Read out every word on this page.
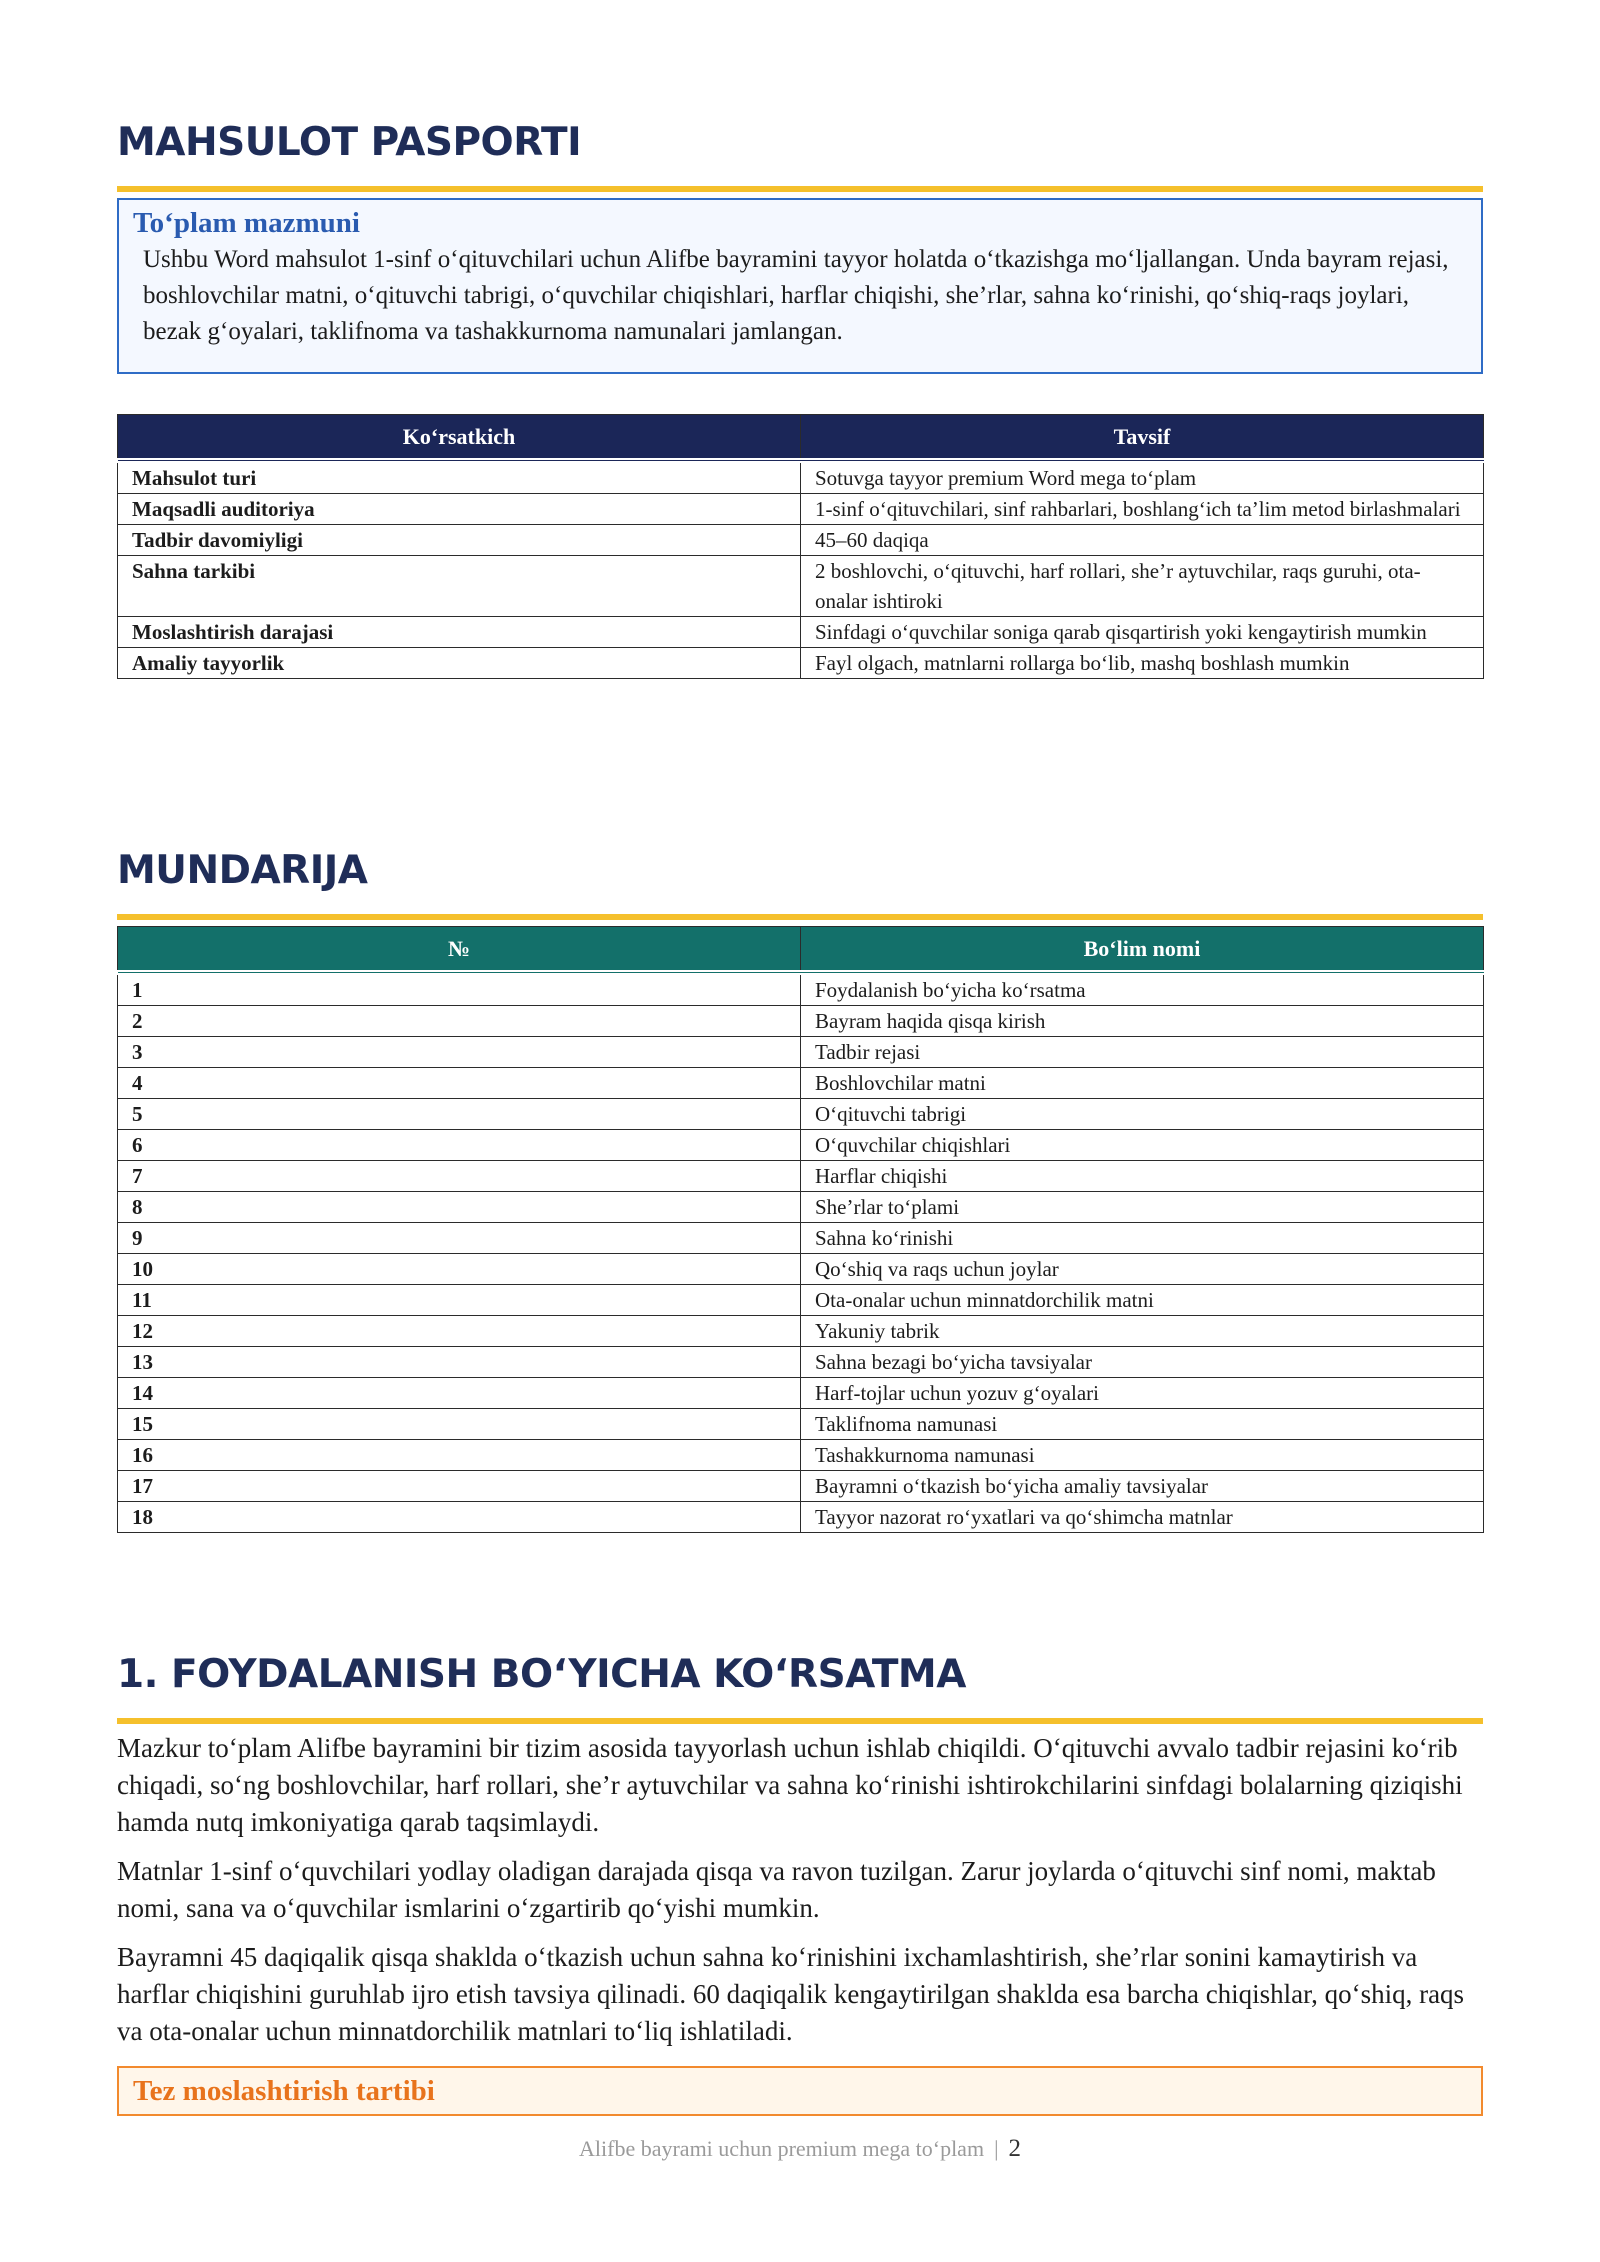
MAHSULOT PASPORTI
To‘plam mazmuni
Ushbu Word mahsulot 1-sinf o‘qituvchilari uchun Alifbe bayramini tayyor holatda o‘tkazishga mo‘ljallangan. Unda bayram rejasi, boshlovchilar matni, o‘qituvchi tabrigi, o‘quvchilar chiqishlari, harflar chiqishi, she’rlar, sahna ko‘rinishi, qo‘shiq-raqs joylari, bezak g‘oyalari, taklifnoma va tashakkurnoma namunalari jamlangan.
Ko‘rsatkich	Tavsif
Mahsulot turi	Sotuvga tayyor premium Word mega to‘plam
Maqsadli auditoriya	1-sinf o‘qituvchilari, sinf rahbarlari, boshlang‘ich ta’lim metod birlashmalari
Tadbir davomiyligi	45–60 daqiqa
Sahna tarkibi	2 boshlovchi, o‘qituvchi, harf rollari, she’r aytuvchilar, raqs guruhi, ota-onalar ishtiroki
Moslashtirish darajasi	Sinfdagi o‘quvchilar soniga qarab qisqartirish yoki kengaytirish mumkin
Amaliy tayyorlik	Fayl olgach, matnlarni rollarga bo‘lib, mashq boshlash mumkin
MUNDARIJA
№	Bo‘lim nomi
1	Foydalanish bo‘yicha ko‘rsatma
2	Bayram haqida qisqa kirish
3	Tadbir rejasi
4	Boshlovchilar matni
5	O‘qituvchi tabrigi
6	O‘quvchilar chiqishlari
7	Harflar chiqishi
8	She’rlar to‘plami
9	Sahna ko‘rinishi
10	Qo‘shiq va raqs uchun joylar
11	Ota-onalar uchun minnatdorchilik matni
12	Yakuniy tabrik
13	Sahna bezagi bo‘yicha tavsiyalar
14	Harf-tojlar uchun yozuv g‘oyalari
15	Taklifnoma namunasi
16	Tashakkurnoma namunasi
17	Bayramni o‘tkazish bo‘yicha amaliy tavsiyalar
18	Tayyor nazorat ro‘yxatlari va qo‘shimcha matnlar
1. FOYDALANISH BO‘YICHA KO‘RSATMA

Mazkur to‘plam Alifbe bayramini bir tizim asosida tayyorlash uchun ishlab chiqildi. O‘qituvchi avvalo tadbir rejasini ko‘rib chiqadi, so‘ng boshlovchilar, harf rollari, she’r aytuvchilar va sahna ko‘rinishi ishtirokchilarini sinfdagi bolalarning qiziqishi hamda nutq imkoniyatiga qarab taqsimlaydi.

Matnlar 1-sinf o‘quvchilari yodlay oladigan darajada qisqa va ravon tuzilgan. Zarur joylarda o‘qituvchi sinf nomi, maktab nomi, sana va o‘quvchilar ismlarini o‘zgartirib qo‘yishi mumkin.

Bayramni 45 daqiqalik qisqa shaklda o‘tkazish uchun sahna ko‘rinishini ixchamlashtirish, she’rlar sonini kamaytirish va harflar chiqishini guruhlab ijro etish tavsiya qilinadi. 60 daqiqalik kengaytirilgan shaklda esa barcha chiqishlar, qo‘shiq, raqs va ota-onalar uchun minnatdorchilik matnlari to‘liq ishlatiladi.

Tez moslashtirish tartibi
Alifbe bayrami uchun premium mega to‘plam | 2
